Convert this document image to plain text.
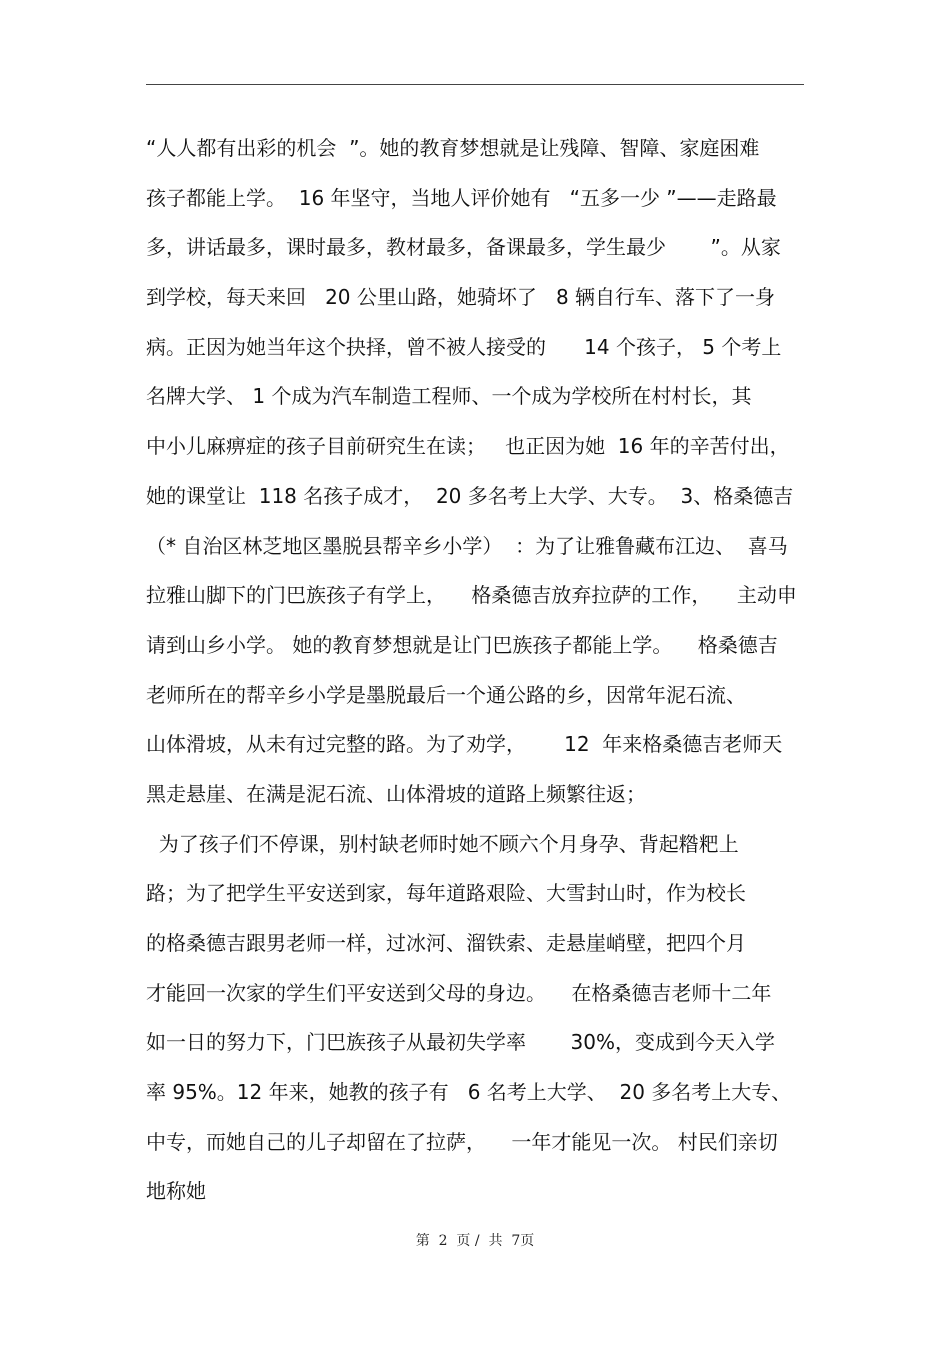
“人人都有出彩的机会  ”。她的教育梦想就是让残障、智障、家庭困难
孩子都能上学。  16 年坚守，当地人评价她有   “五多一少 ”——走路最
多，讲话最多，课时最多，教材最多，备课最多，学生最少       ”。从家
到学校，每天来回   20 公里山路，她骑坏了   8 辆自行车、落下了一身
病。正因为她当年这个抉择，曾不被人接受的      14 个孩子， 5 个考上
名牌大学、 1 个成为汽车制造工程师、一个成为学校所在村村长，其
中小儿麻痹症的孩子目前研究生在读；   也正因为她  16 年的辛苦付出，
她的课堂让  118 名孩子成才，  20 多名考上大学、大专。  3、格桑德吉
（* 自治区林芝地区墨脱县帮辛乡小学）  ：为了让雅鲁藏布江边、  喜马
拉雅山脚下的门巴族孩子有学上，    格桑德吉放弃拉萨的工作，    主动申
请到山乡小学。 她的教育梦想就是让门巴族孩子都能上学。    格桑德吉
老师所在的帮辛乡小学是墨脱最后一个通公路的乡，因常年泥石流、
山体滑坡，从未有过完整的路。为了劝学，      12  年来格桑德吉老师天
黑走悬崖、在满是泥石流、山体滑坡的道路上频繁往返；
为了孩子们不停课，别村缺老师时她不顾六个月身孕、背起糌粑上
路；为了把学生平安送到家，每年道路艰险、大雪封山时，作为校长
的格桑德吉跟男老师一样，过冰河、溜铁索、走悬崖峭壁，把四个月
才能回一次家的学生们平安送到父母的身边。    在格桑德吉老师十二年
如一日的努力下，门巴族孩子从最初失学率       30%，变成到今天入学
率 95%。12 年来，她教的孩子有   6 名考上大学、  20 多名考上大专、
中专，而她自己的儿子却留在了拉萨，    一年才能见一次。 村民们亲切
地称她
第  2  页 /  共  7页
